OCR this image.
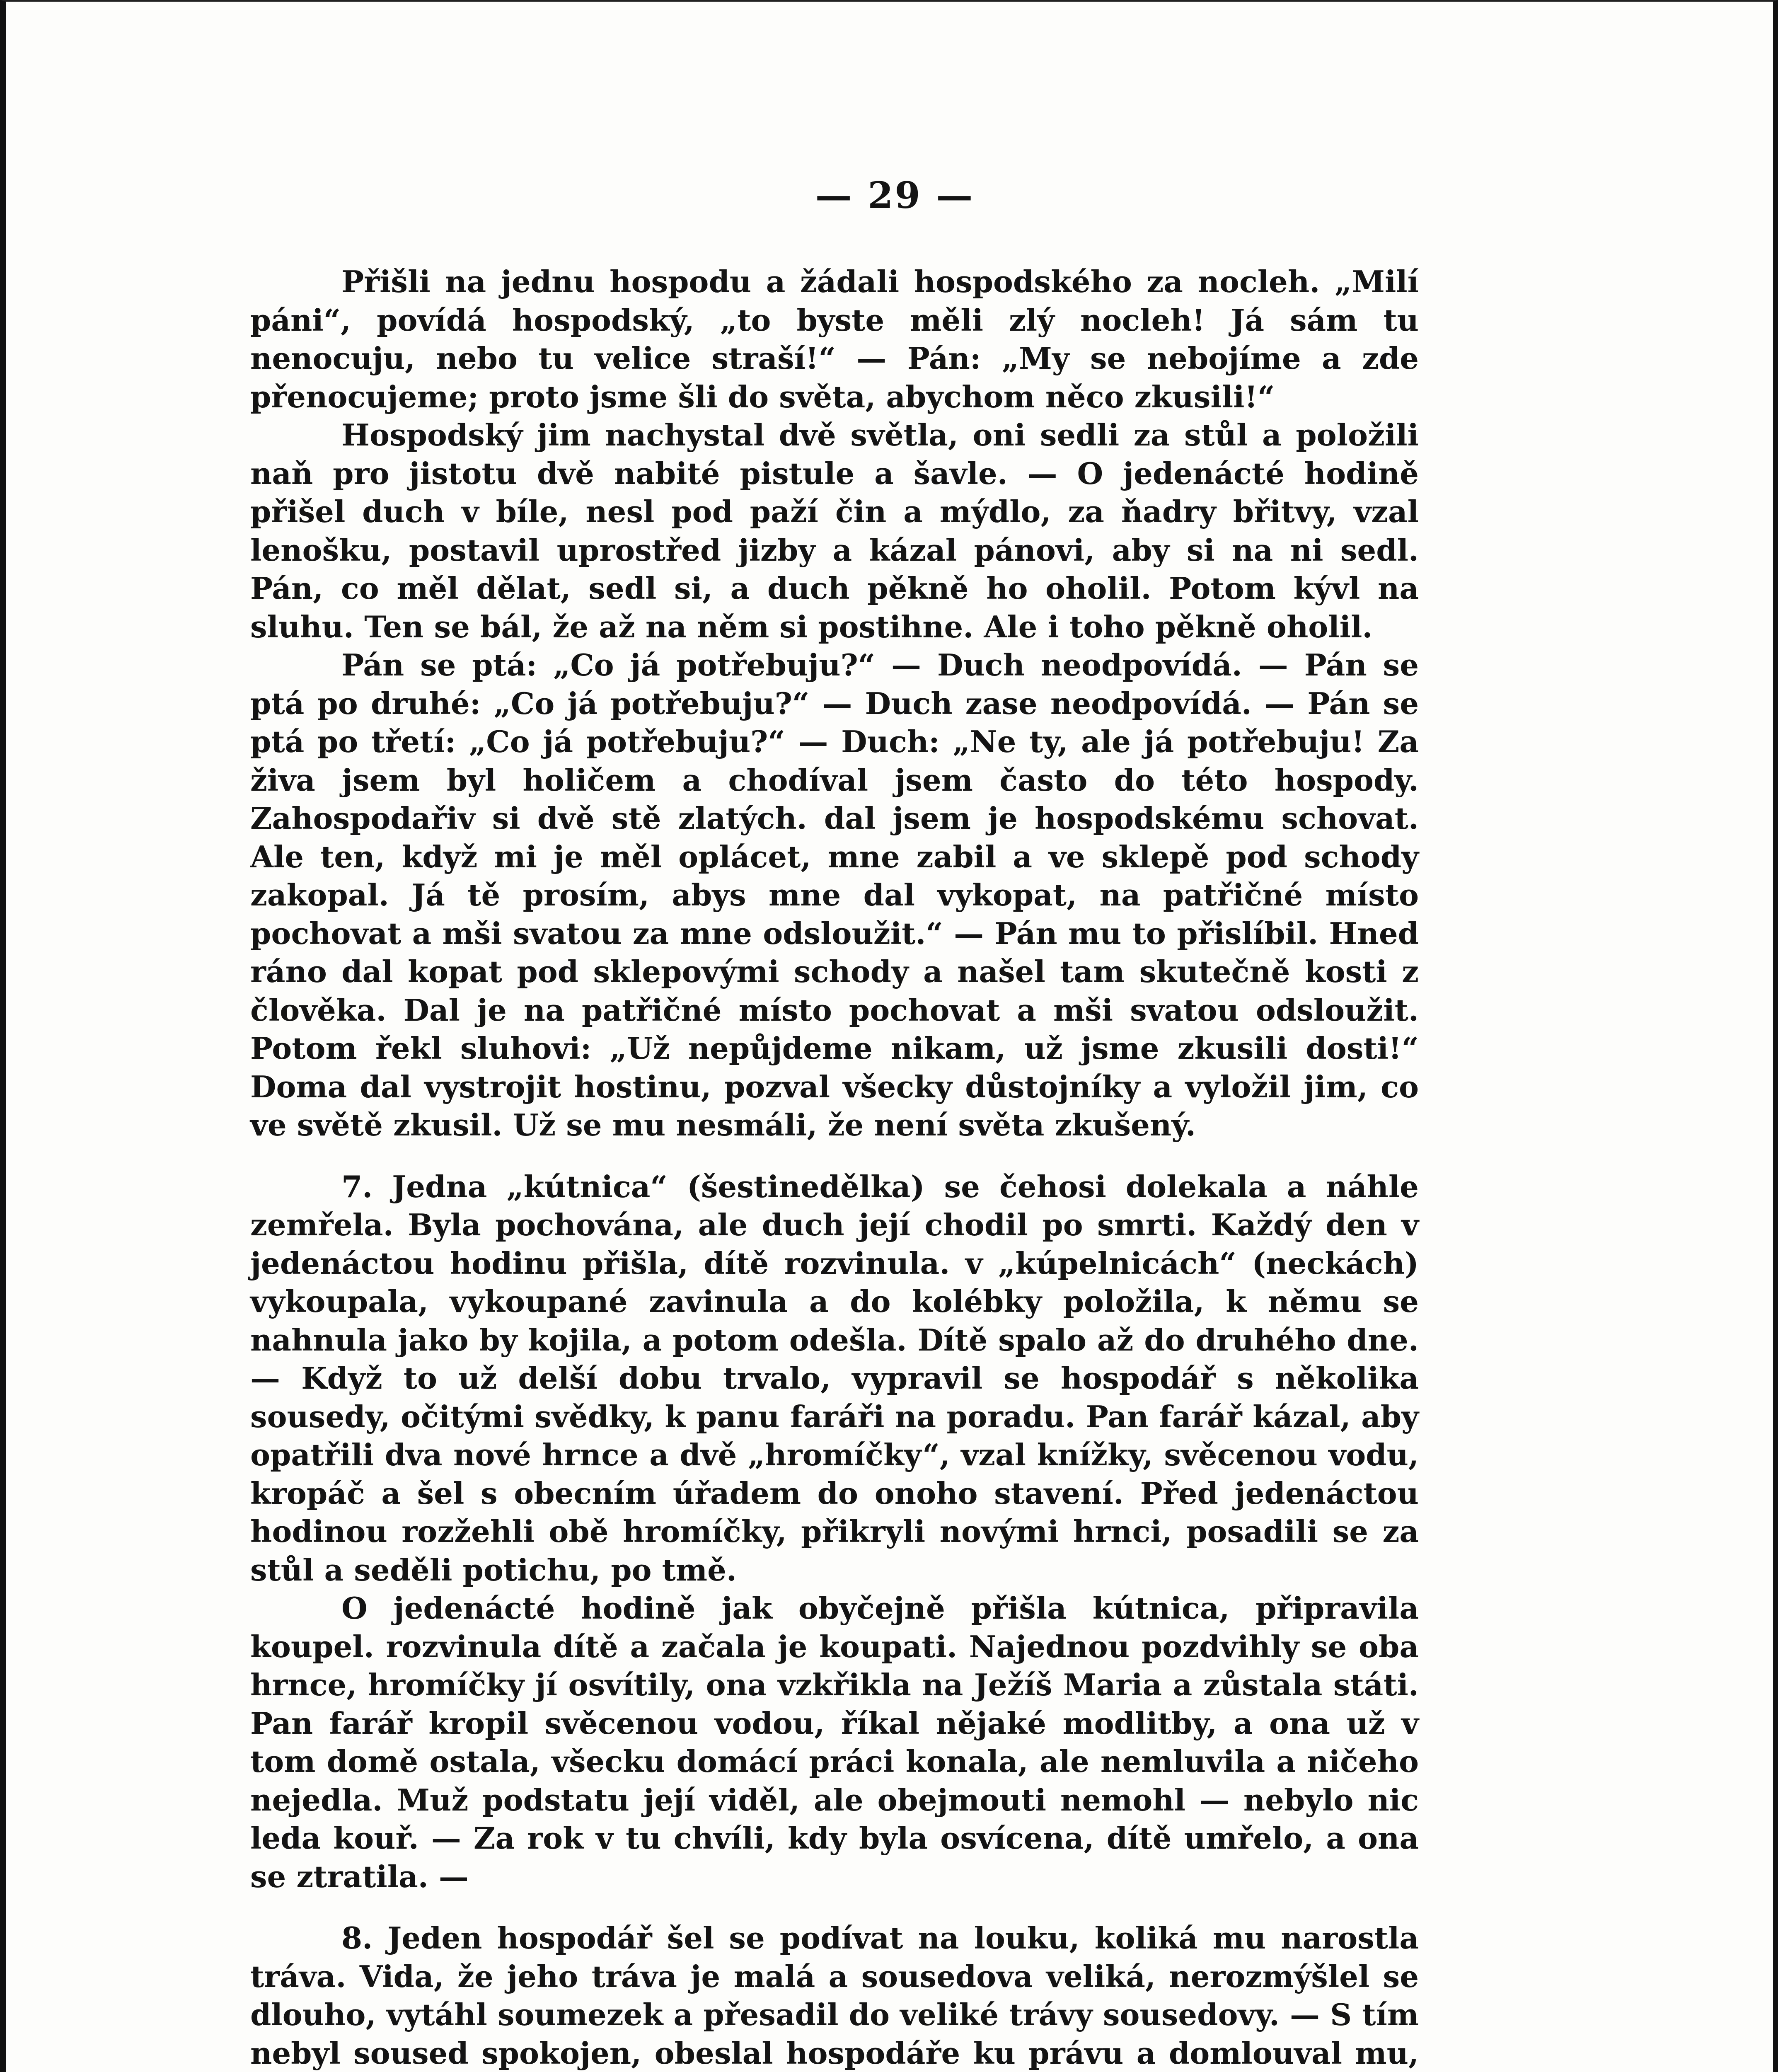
— 29 —

Přišli na jednu hospodu a žádali hospodského za nocleh. „Milí páni“, povídá hospodský, „to byste měli zlý nocleh! Já sám tu nenocuju, nebo tu velice straší!“ — Pán: „My se nebojíme a zde přenocujeme; proto jsme šli do světa, abychom něco zkusili!“

Hospodský jim nachystal dvě světla, oni sedli za stůl a položili naň pro jistotu dvě nabité pistule a šavle. — O jedenácté hodině přišel duch v bíle, nesl pod paží čin a mýdlo, za ňadry břitvy, vzal lenošku, postavil uprostřed jizby a kázal pánovi, aby si na ni sedl. Pán, co měl dělat, sedl si, a duch pěkně ho oholil. Potom kývl na sluhu. Ten se bál, že až na něm si postihne. Ale i toho pěkně oholil.

Pán se ptá: „Co já potřebuju?“ — Duch neodpovídá. — Pán se ptá po druhé: „Co já potřebuju?“ — Duch zase neodpovídá. — Pán se ptá po třetí: „Co já potřebuju?“ — Duch: „Ne ty, ale já potřebuju! Za živa jsem byl holičem a chodíval jsem často do této hospody. Zahospodařiv si dvě stě zlatých. dal jsem je hospodskému schovat. Ale ten, když mi je měl oplácet, mne zabil a ve sklepě pod schody zakopal. Já tě prosím, abys mne dal vykopat, na patřičné místo pochovat a mši svatou za mne odsloužit.“ — Pán mu to přislíbil. Hned ráno dal kopat pod sklepovými schody a našel tam skutečně kosti z člověka. Dal je na patřičné místo pochovat a mši svatou odsloužit. Potom řekl sluhovi: „Už nepůjdeme nikam, už jsme zkusili dosti!“ Doma dal vystrojit hostinu, pozval všecky důstojníky a vyložil jim, co ve světě zkusil. Už se mu nesmáli, že není světa zkušený.

7. Jedna „kútnica“ (šestinedělka) se čehosi dolekala a náhle zemřela. Byla pochována, ale duch její chodil po smrti. Každý den v jedenáctou hodinu přišla, dítě rozvinula. v „kúpelnicách“ (neckách) vykoupala, vykoupané zavinula a do kolébky položila, k němu se nahnula jako by kojila, a potom odešla. Dítě spalo až do druhého dne. — Když to už delší dobu trvalo, vypravil se hospodář s několika sousedy, očitými svědky, k panu faráři na poradu. Pan farář kázal, aby opatřili dva nové hrnce a dvě „hromíčky“, vzal knížky, svěcenou vodu, kropáč a šel s obecním úřadem do onoho stavení. Před jedenáctou hodinou rozžehli obě hromíčky, přikryli novými hrnci, posadili se za stůl a seděli potichu, po tmě.

O jedenácté hodině jak obyčejně přišla kútnica, připravila koupel. rozvinula dítě a začala je koupati. Najednou pozdvihly se oba hrnce, hromíčky jí osvítily, ona vzkřikla na Ježíš Maria a zůstala státi. Pan farář kropil svěcenou vodou, říkal nějaké modlitby, a ona už v tom domě ostala, všecku domácí práci konala, ale nemluvila a ničeho nejedla. Muž podstatu její viděl, ale obejmouti nemohl — nebylo nic leda kouř. — Za rok v tu chvíli, kdy byla osvícena, dítě umřelo, a ona se ztratila. —

8. Jeden hospodář šel se podívat na louku, koliká mu narostla tráva. Vida, že jeho tráva je malá a sousedova veliká, nerozmýšlel se dlouho, vytáhl soumezek a přesadil do veliké trávy sousedovy. — S tím nebyl soused spokojen, obeslal hospodáře ku právu a domlouval mu,
